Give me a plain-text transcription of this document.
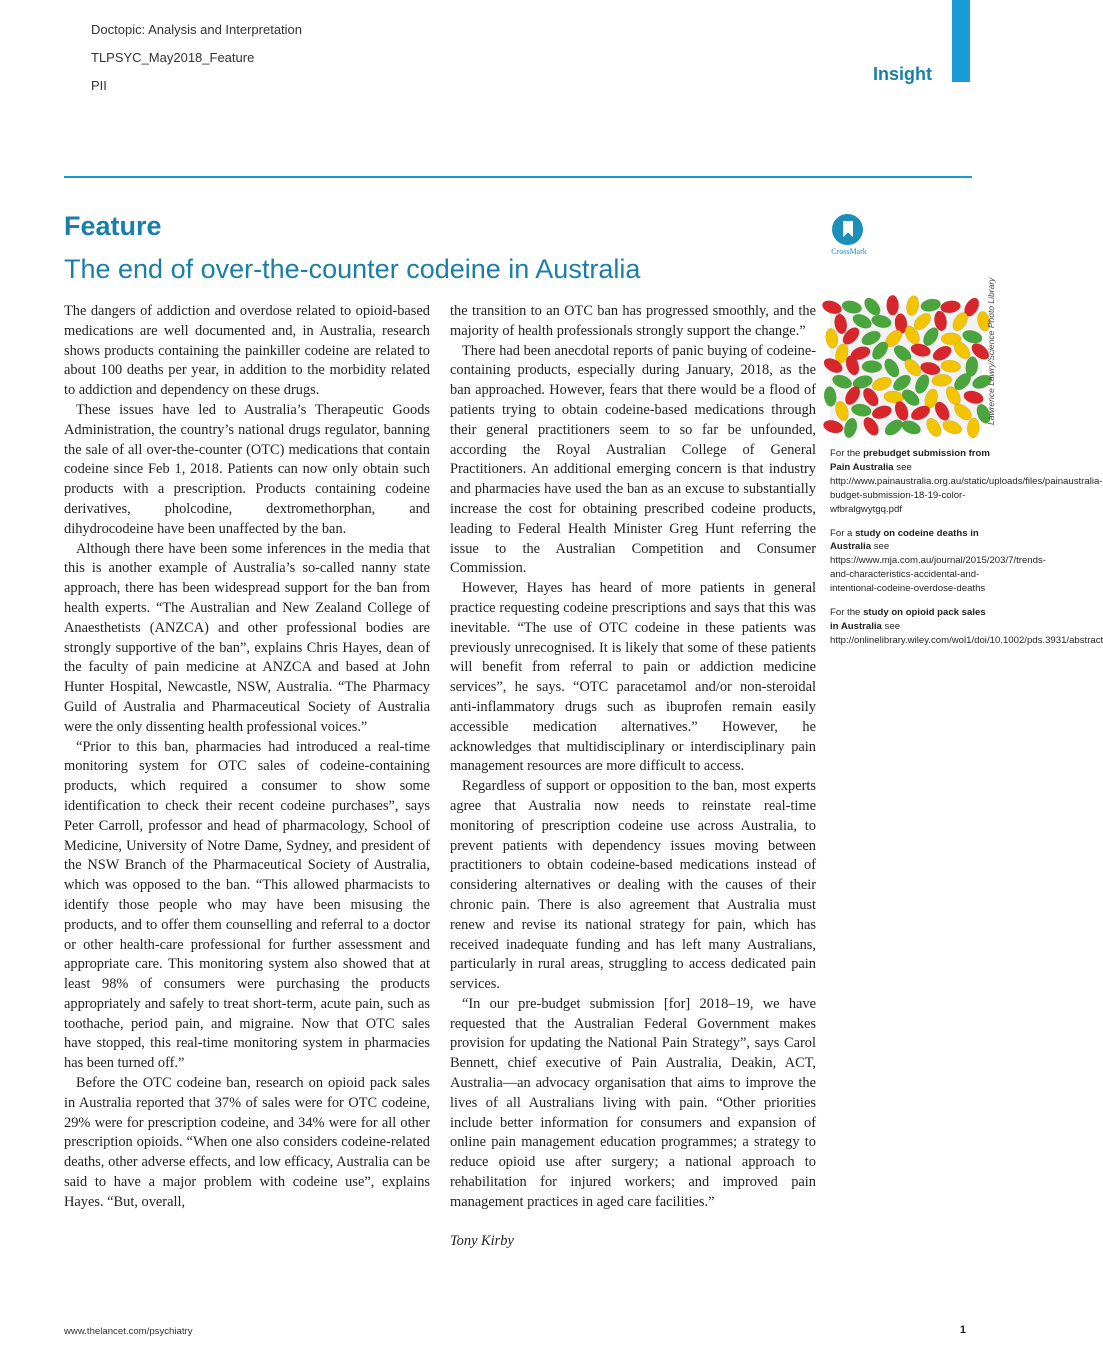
Doctopic: Analysis and Interpretation
TLPSYC_May2018_Feature
PII
Insight
Feature
The end of over-the-counter codeine in Australia
CrossMark

The dangers of addiction and overdose related to opioid-based medications are well documented and, in Australia, research shows products containing the painkiller codeine are related to about 100 deaths per year, in addition to the morbidity related to addiction and dependency on these drugs.

These issues have led to Australia’s Therapeutic Goods Administration, the country’s national drugs regulator, banning the sale of all over-the-counter (OTC) medications that contain codeine since Feb 1, 2018. Patients can now only obtain such products with a prescription. Products containing codeine derivatives, pholcodine, dextromethorphan, and dihydrocodeine have been unaffected by the ban.

Although there have been some inferences in the media that this is another example of Australia’s so-called nanny state approach, there has been widespread support for the ban from health experts. “The Australian and New Zealand College of Anaesthetists (ANZCA) and other professional bodies are strongly supportive of the ban”, explains Chris Hayes, dean of the faculty of pain medicine at ANZCA and based at John Hunter Hospital, Newcastle, NSW, Australia. “The Pharmacy Guild of Australia and Pharmaceutical Society of Australia were the only dissenting health professional voices.”

“Prior to this ban, pharmacies had introduced a real-time monitoring system for OTC sales of codeine-containing products, which required a consumer to show some identification to check their recent codeine purchases”, says Peter Carroll, professor and head of pharmacology, School of Medicine, University of Notre Dame, Sydney, and president of the NSW Branch of the Pharmaceutical Society of Australia, which was opposed to the ban. “This allowed pharmacists to identify those people who may have been misusing the products, and to offer them counselling and referral to a doctor or other health-care professional for further assessment and appropriate care. This monitoring system also showed that at least 98% of consumers were purchasing the products appropriately and safely to treat short-term, acute pain, such as toothache, period pain, and migraine. Now that OTC sales have stopped, this real-time monitoring system in pharmacies has been turned off.”

Before the OTC codeine ban, research on opioid pack sales in Australia reported that 37% of sales were for OTC codeine, 29% were for prescription codeine, and 34% were for all other prescription opioids. “When one also considers codeine-related deaths, other adverse effects, and low efficacy, Australia can be said to have a major problem with codeine use”, explains Hayes. “But, overall,

the transition to an OTC ban has progressed smoothly, and the majority of health professionals strongly support the change.”

There had been anecdotal reports of panic buying of codeine-containing products, especially during January, 2018, as the ban approached. However, fears that there would be a flood of patients trying to obtain codeine-based medications through their general practitioners seem to so far be unfounded, according the Royal Australian College of General Practitioners. An additional emerging concern is that industry and pharmacies have used the ban as an excuse to substantially increase the cost for obtaining prescribed codeine products, leading to Federal Health Minister Greg Hunt referring the issue to the Australian Competition and Consumer Commission.

However, Hayes has heard of more patients in general practice requesting codeine prescriptions and says that this was inevitable. “The use of OTC codeine in these patients was previously unrecognised. It is likely that some of these patients will benefit from referral to pain or addiction medicine services”, he says. “OTC paracetamol and/or non-steroidal anti-inflammatory drugs such as ibuprofen remain easily accessible medication alternatives.” However, he acknowledges that multidisciplinary or interdisciplinary pain management resources are more difficult to access.

Regardless of support or opposition to the ban, most experts agree that Australia now needs to reinstate real-time monitoring of prescription codeine use across Australia, to prevent patients with dependency issues moving between practitioners to obtain codeine-based medications instead of considering alternatives or dealing with the causes of their chronic pain. There is also agreement that Australia must renew and revise its national strategy for pain, which has received inadequate funding and has left many Australians, particularly in rural areas, struggling to access dedicated pain services.

“In our pre-budget submission [for] 2018–19, we have requested that the Australian Federal Government makes provision for updating the National Pain Strategy”, says Carol Bennett, chief executive of Pain Australia, Deakin, ACT, Australia—an advocacy organisation that aims to improve the lives of all Australians living with pain. “Other priorities include better information for consumers and expansion of online pain management education programmes; a strategy to reduce opioid use after surgery; a national approach to rehabilitation for injured workers; and improved pain management practices in aged care facilities.”

Tony Kirby

Lawrence Lawry/Science Photo Library
For the prebudget submission from Pain Australia see http://www.painaustralia.org.au/static/uploads/files/painaustralia-budget-submission-18-19-color-wfbralgwytgq.pdf
For a study on codeine deaths in Australia see https://www.mja.com.au/journal/2015/203/7/trends-and-characteristics-accidental-and-intentional-codeine-overdose-deaths
For the study on opioid pack sales in Australia see http://onlinelibrary.wiley.com/wol1/doi/10.1002/pds.3931/abstract
www.thelancet.com/psychiatry	1
